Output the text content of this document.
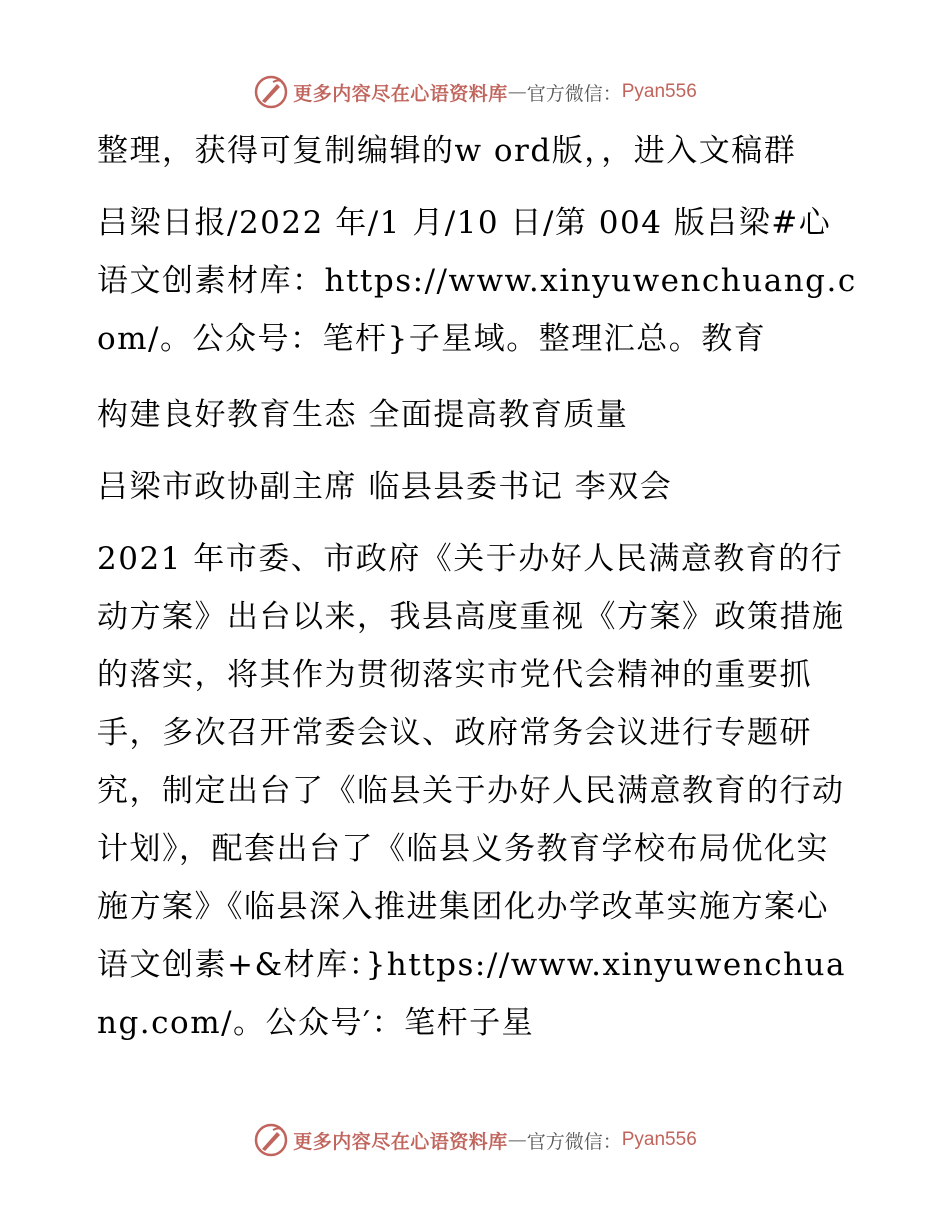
更多内容尽在心语资料库 — 官方微信： Pyan556

整理，获得可复制编辑的w ord版，，进入文稿群

吕梁日报/2022 年/1 月/10 日/第 004 版吕梁#心语文创素材库：https://www.xinyuwenchuang.com/。公众号：笔杆}子星域。整理汇总。教育

构建良好教育生态 全面提高教育质量

吕梁市政协副主席 临县县委书记 李双会

2021 年市委、市政府《关于办好人民满意教育的行动方案》出台以来，我县高度重视《方案》政策措施的落实，将其作为贯彻落实市党代会精神的重要抓手，多次召开常委会议、政府常务会议进行专题研究，制定出台了《临县关于办好人民满意教育的行动计划》，配套出台了《临县义务教育学校布局优化实施方案》《临县深入推进集团化办学改革实施方案心语文创素+&材库：}https://www.xinyuwenchuang.com/。公众号′：笔杆子星

更多内容尽在心语资料库 — 官方微信： Pyan556
